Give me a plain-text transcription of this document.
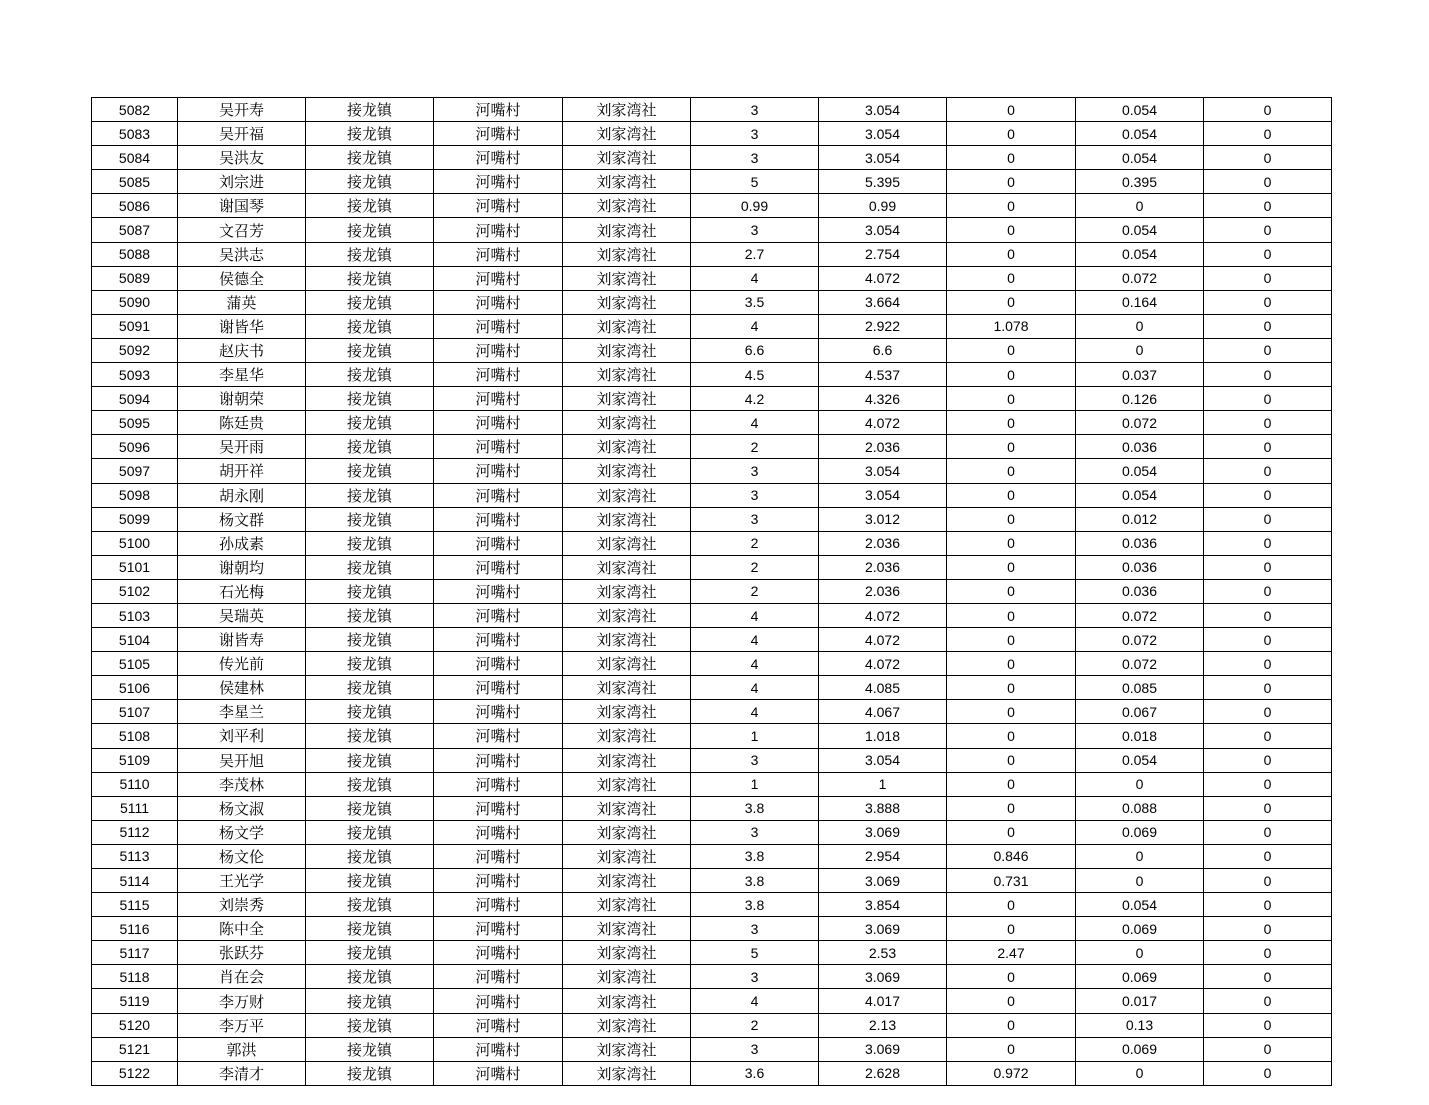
5082	吴开寿	接龙镇	河嘴村	刘家湾社	3	3.054	0	0.054	0
5083	吴开福	接龙镇	河嘴村	刘家湾社	3	3.054	0	0.054	0
5084	吴洪友	接龙镇	河嘴村	刘家湾社	3	3.054	0	0.054	0
5085	刘宗进	接龙镇	河嘴村	刘家湾社	5	5.395	0	0.395	0
5086	谢国琴	接龙镇	河嘴村	刘家湾社	0.99	0.99	0	0	0
5087	文召芳	接龙镇	河嘴村	刘家湾社	3	3.054	0	0.054	0
5088	吴洪志	接龙镇	河嘴村	刘家湾社	2.7	2.754	0	0.054	0
5089	侯德全	接龙镇	河嘴村	刘家湾社	4	4.072	0	0.072	0
5090	蒲英	接龙镇	河嘴村	刘家湾社	3.5	3.664	0	0.164	0
5091	谢皆华	接龙镇	河嘴村	刘家湾社	4	2.922	1.078	0	0
5092	赵庆书	接龙镇	河嘴村	刘家湾社	6.6	6.6	0	0	0
5093	李星华	接龙镇	河嘴村	刘家湾社	4.5	4.537	0	0.037	0
5094	谢朝荣	接龙镇	河嘴村	刘家湾社	4.2	4.326	0	0.126	0
5095	陈廷贵	接龙镇	河嘴村	刘家湾社	4	4.072	0	0.072	0
5096	吴开雨	接龙镇	河嘴村	刘家湾社	2	2.036	0	0.036	0
5097	胡开祥	接龙镇	河嘴村	刘家湾社	3	3.054	0	0.054	0
5098	胡永刚	接龙镇	河嘴村	刘家湾社	3	3.054	0	0.054	0
5099	杨文群	接龙镇	河嘴村	刘家湾社	3	3.012	0	0.012	0
5100	孙成素	接龙镇	河嘴村	刘家湾社	2	2.036	0	0.036	0
5101	谢朝均	接龙镇	河嘴村	刘家湾社	2	2.036	0	0.036	0
5102	石光梅	接龙镇	河嘴村	刘家湾社	2	2.036	0	0.036	0
5103	吴瑞英	接龙镇	河嘴村	刘家湾社	4	4.072	0	0.072	0
5104	谢皆寿	接龙镇	河嘴村	刘家湾社	4	4.072	0	0.072	0
5105	传光前	接龙镇	河嘴村	刘家湾社	4	4.072	0	0.072	0
5106	侯建林	接龙镇	河嘴村	刘家湾社	4	4.085	0	0.085	0
5107	李星兰	接龙镇	河嘴村	刘家湾社	4	4.067	0	0.067	0
5108	刘平利	接龙镇	河嘴村	刘家湾社	1	1.018	0	0.018	0
5109	吴开旭	接龙镇	河嘴村	刘家湾社	3	3.054	0	0.054	0
5110	李茂林	接龙镇	河嘴村	刘家湾社	1	1	0	0	0
5111	杨文淑	接龙镇	河嘴村	刘家湾社	3.8	3.888	0	0.088	0
5112	杨文学	接龙镇	河嘴村	刘家湾社	3	3.069	0	0.069	0
5113	杨文伦	接龙镇	河嘴村	刘家湾社	3.8	2.954	0.846	0	0
5114	王光学	接龙镇	河嘴村	刘家湾社	3.8	3.069	0.731	0	0
5115	刘崇秀	接龙镇	河嘴村	刘家湾社	3.8	3.854	0	0.054	0
5116	陈中全	接龙镇	河嘴村	刘家湾社	3	3.069	0	0.069	0
5117	张跃芬	接龙镇	河嘴村	刘家湾社	5	2.53	2.47	0	0
5118	肖在会	接龙镇	河嘴村	刘家湾社	3	3.069	0	0.069	0
5119	李万财	接龙镇	河嘴村	刘家湾社	4	4.017	0	0.017	0
5120	李万平	接龙镇	河嘴村	刘家湾社	2	2.13	0	0.13	0
5121	郭洪	接龙镇	河嘴村	刘家湾社	3	3.069	0	0.069	0
5122	李清才	接龙镇	河嘴村	刘家湾社	3.6	2.628	0.972	0	0
